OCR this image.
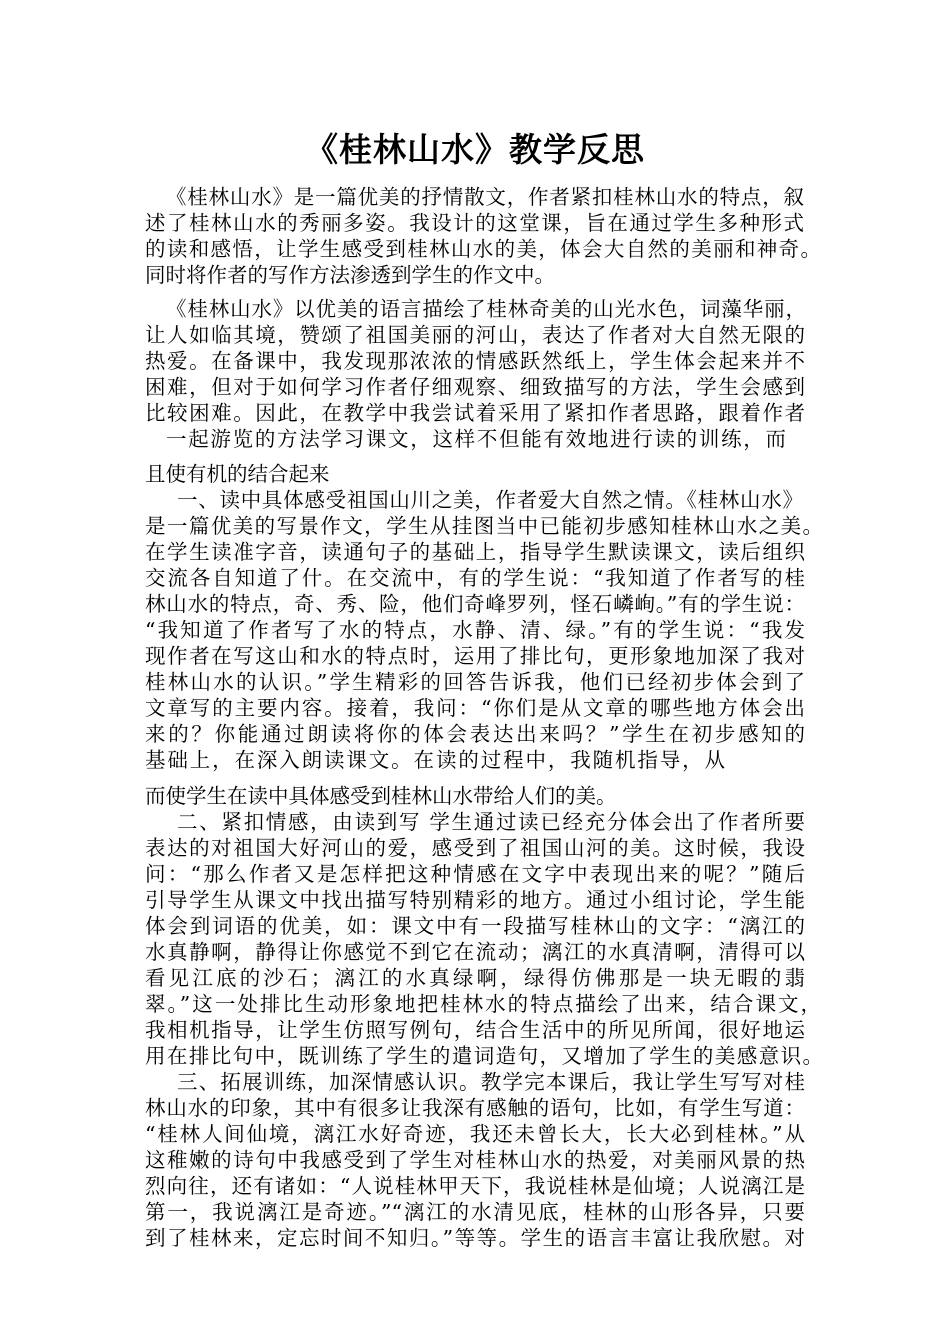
《桂林山水》教学反思
《桂林山水》是一篇优美的抒情散文，作者紧扣桂林山水的特点，叙
述了桂林山水的秀丽多姿。我设计的这堂课，旨在通过学生多种形式
的读和感悟，让学生感受到桂林山水的美，体会大自然的美丽和神奇。
同时将作者的写作方法渗透到学生的作文中。
《桂林山水》以优美的语言描绘了桂林奇美的山光水色，词藻华丽，
让人如临其境，赞颂了祖国美丽的河山，表达了作者对大自然无限的
热爱。在备课中，我发现那浓浓的情感跃然纸上，学生体会起来并不
困难，但对于如何学习作者仔细观察、细致描写的方法，学生会感到
比较困难。因此，在教学中我尝试着采用了紧扣作者思路，跟着作者
一起游览的方法学习课文，这样不但能有效地进行读的训练，而
且使有机的结合起来
一、读中具体感受祖国山川之美，作者爱大自然之情。《桂林山水》
是一篇优美的写景作文，学生从挂图当中已能初步感知桂林山水之美。
在学生读准字音，读通句子的基础上，指导学生默读课文，读后组织
交流各自知道了什。在交流中，有的学生说：“我知道了作者写的桂
林山水的特点，奇、秀、险，他们奇峰罗列，怪石嶙峋。”有的学生说：
“我知道了作者写了水的特点，水静、清、绿。”有的学生说：“我发
现作者在写这山和水的特点时，运用了排比句，更形象地加深了我对
桂林山水的认识。”学生精彩的回答告诉我，他们已经初步体会到了
文章写的主要内容。接着，我问：“你们是从文章的哪些地方体会出
来的？你能通过朗读将你的体会表达出来吗？”学生在初步感知的
基础上，在深入朗读课文。在读的过程中，我随机指导，从
而使学生在读中具体感受到桂林山水带给人们的美。
二、紧扣情感，由读到写 学生通过读已经充分体会出了作者所要
表达的对祖国大好河山的爱，感受到了祖国山河的美。这时候，我设
问：“那么作者又是怎样把这种情感在文字中表现出来的呢？”随后
引导学生从课文中找出描写特别精彩的地方。通过小组讨论，学生能
体会到词语的优美，如：课文中有一段描写桂林山的文字：“漓江的
水真静啊，静得让你感觉不到它在流动；漓江的水真清啊，清得可以
看见江底的沙石；漓江的水真绿啊，绿得仿佛那是一块无暇的翡
翠。”这一处排比生动形象地把桂林水的特点描绘了出来，结合课文，
我相机指导，让学生仿照写例句，结合生活中的所见所闻，很好地运
用在排比句中，既训练了学生的遣词造句，又增加了学生的美感意识。
三、拓展训练，加深情感认识。教学完本课后，我让学生写写对桂
林山水的印象，其中有很多让我深有感触的语句，比如，有学生写道：
“桂林人间仙境，漓江水好奇迹，我还未曾长大，长大必到桂林。”从
这稚嫩的诗句中我感受到了学生对桂林山水的热爱，对美丽风景的热
烈向往，还有诸如：“人说桂林甲天下，我说桂林是仙境；人说漓江是
第一，我说漓江是奇迹。”“漓江的水清见底，桂林的山形各异，只要
到了桂林来，定忘时间不知归。”等等。学生的语言丰富让我欣慰。对
